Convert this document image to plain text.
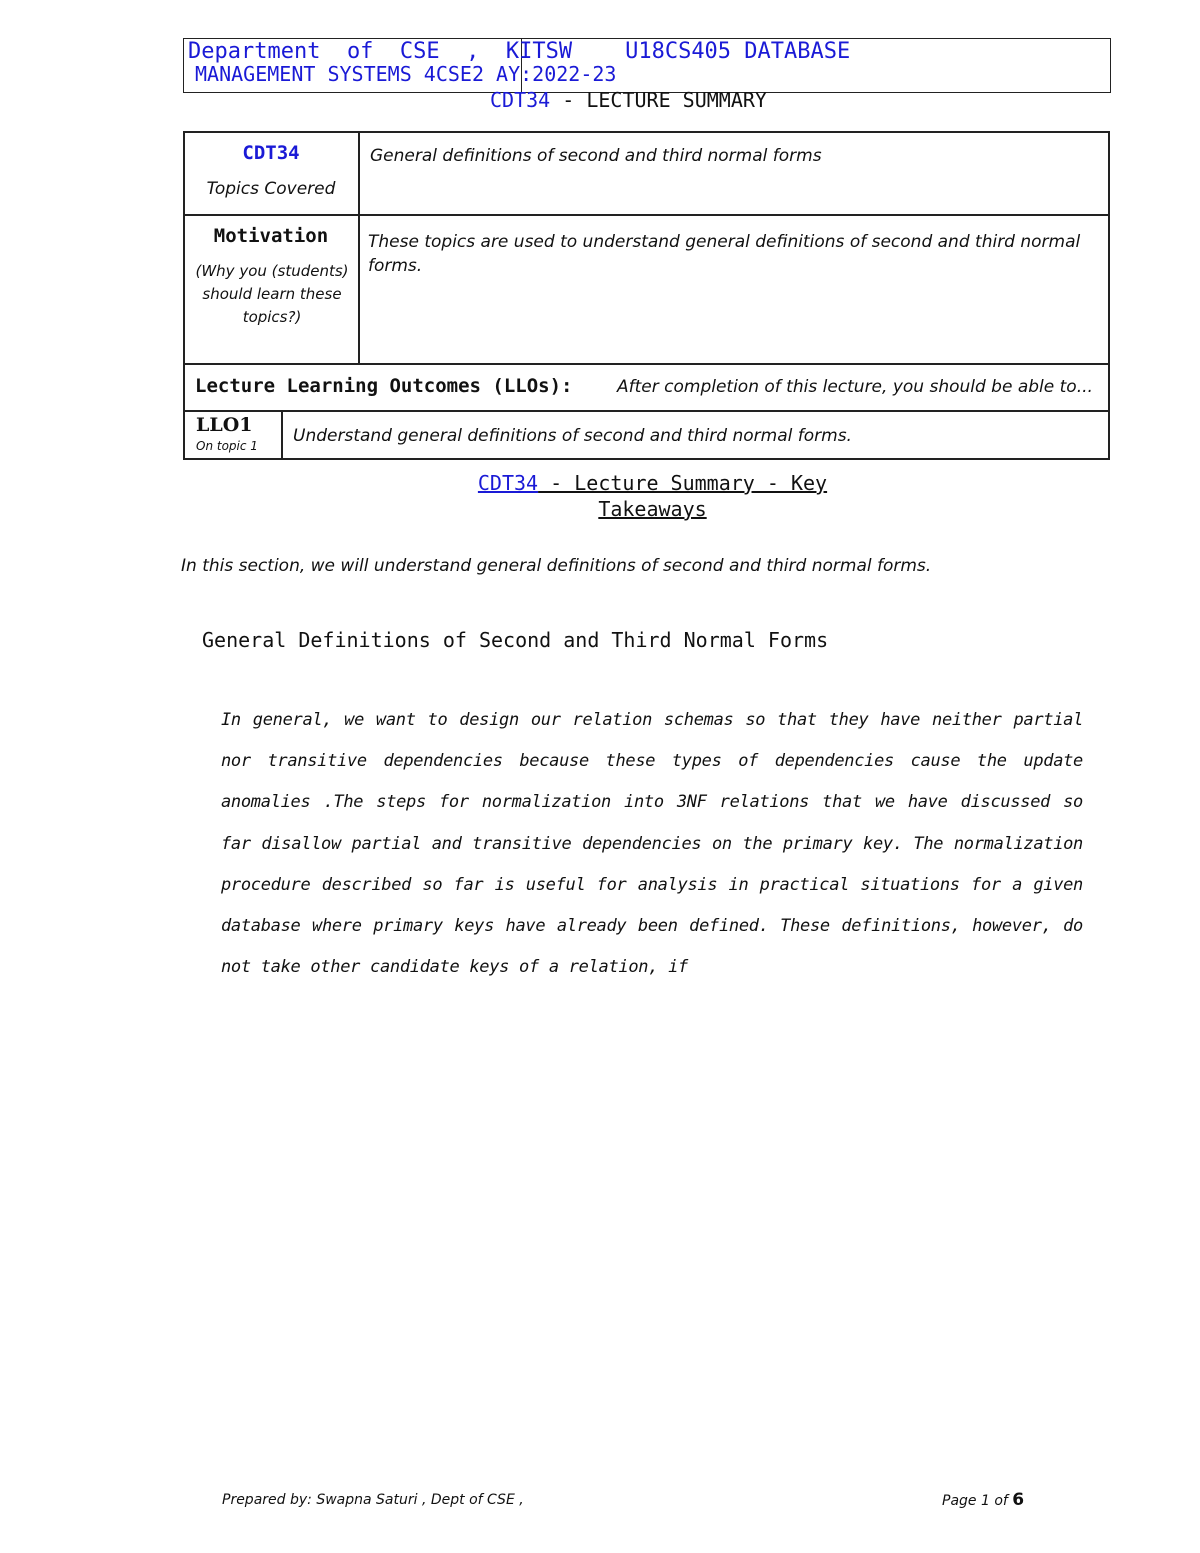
Department  of  CSE  ,  KITSW    U18CS405 DATABASE
MANAGEMENT SYSTEMS 4CSE2 AY:2022-23
CDT34 - LECTURE SUMMARY
CDT34
Topics Covered
General definitions of second and third normal forms
Motivation
(Why you (students) should learn these topics?)
These topics are used to understand general definitions of second and third normal forms.
Lecture Learning Outcomes (LLOs):	After completion of this lecture, you should be able to...
LLO1
On topic 1 Understand general definitions of second and third normal forms.
CDT34 - Lecture Summary - Key
Takeaways
In this section, we will understand general definitions of second and third normal forms.
General Definitions of Second and Third Normal Forms
In general, we want to design our relation schemas so that they have neither partial nor transitive dependencies because these types of dependencies cause the update anomalies .The steps for normalization into 3NF relations that we have discussed so far disallow partial and transitive dependencies on the primary key. The normalization procedure described so far is useful for analysis in practical situations for a given database where primary keys have already been defined. These definitions, however, do not take other candidate keys of a relation, if
Prepared by: Swapna Saturi , Dept of CSE ,	Page 1 of 6
